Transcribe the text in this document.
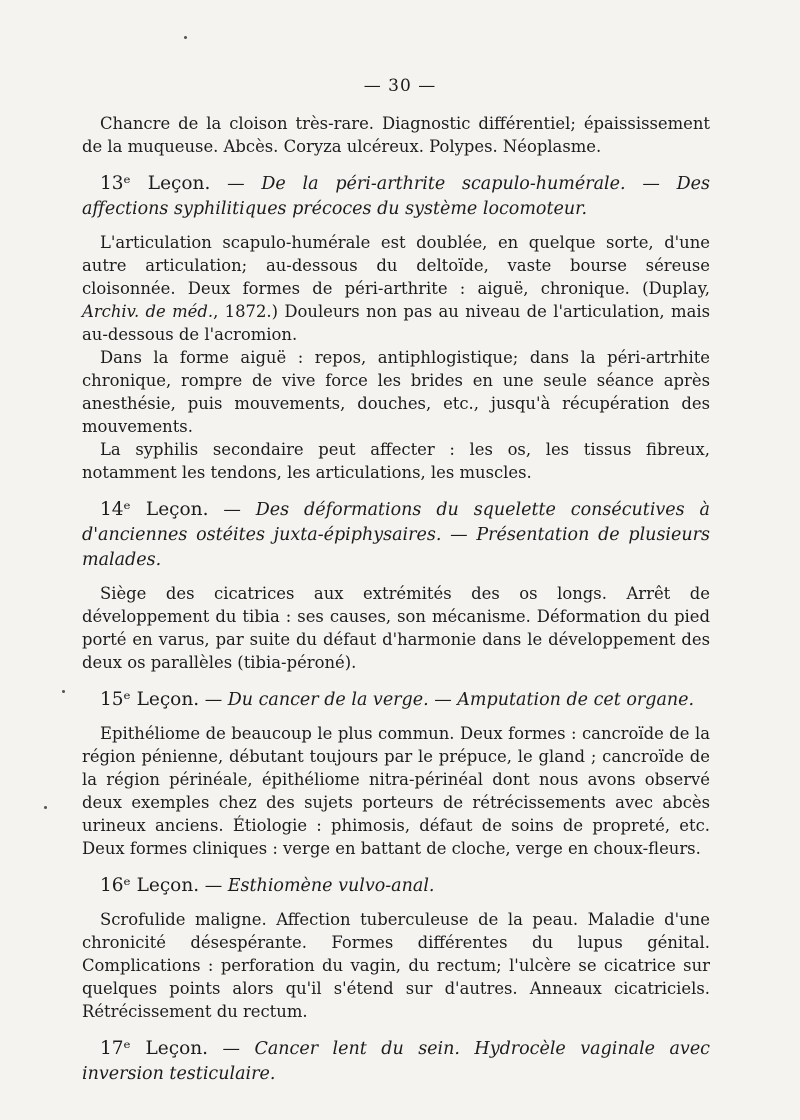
— 30 —

Chancre de la cloison très-rare. Diagnostic différentiel; épaississement de la muqueuse. Abcès. Coryza ulcéreux. Polypes. Néoplasme.

13ᵉ Leçon. — De la péri-arthrite scapulo-humérale. — Des affections syphilitiques précoces du système locomoteur.

L'articulation scapulo-humérale est doublée, en quelque sorte, d'une autre articulation; au-dessous du deltoïde, vaste bourse séreuse cloisonnée. Deux formes de péri-arthrite : aiguë, chronique. (Duplay, Archiv. de méd., 1872.) Douleurs non pas au niveau de l'articulation, mais au-dessous de l'acromion.

Dans la forme aiguë : repos, antiphlogistique; dans la péri-artrhite chronique, rompre de vive force les brides en une seule séance après anesthésie, puis mouvements, douches, etc., jusqu'à récupération des mouvements.

La syphilis secondaire peut affecter : les os, les tissus fibreux, notamment les tendons, les articulations, les muscles.

14ᵉ Leçon. — Des déformations du squelette consécutives à d'anciennes ostéites juxta-épiphysaires. — Présentation de plusieurs malades.

Siège des cicatrices aux extrémités des os longs. Arrêt de développement du tibia : ses causes, son mécanisme. Déformation du pied porté en varus, par suite du défaut d'harmonie dans le développement des deux os parallèles (tibia-péroné).

15ᵉ Leçon. — Du cancer de la verge. — Amputation de cet organe.

Epithéliome de beaucoup le plus commun. Deux formes : cancroïde de la région pénienne, débutant toujours par le prépuce, le gland ; cancroïde de la région périnéale, épithéliome nitra-périnéal dont nous avons observé deux exemples chez des sujets porteurs de rétrécissements avec abcès urineux anciens. Étiologie : phimosis, défaut de soins de propreté, etc. Deux formes cliniques : verge en battant de cloche, verge en choux-fleurs.

16ᵉ Leçon. — Esthiomène vulvo-anal.

Scrofulide maligne. Affection tuberculeuse de la peau. Maladie d'une chronicité désespérante. Formes différentes du lupus génital. Complications : perforation du vagin, du rectum; l'ulcère se cicatrice sur quelques points alors qu'il s'étend sur d'autres. Anneaux cicatriciels. Rétrécissement du rectum.

17ᵉ Leçon. — Cancer lent du sein. Hydrocèle vaginale avec inversion testiculaire.
